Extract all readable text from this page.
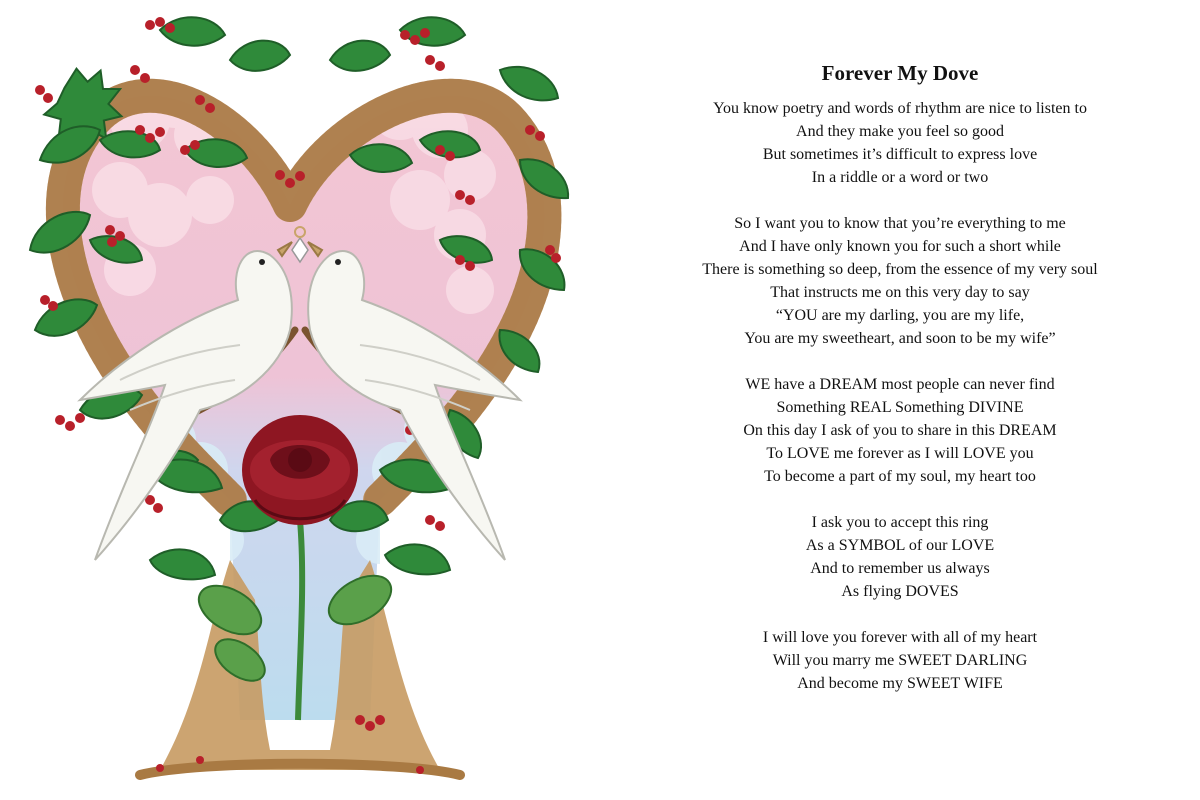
Forever My Dove
You know poetry and words of rhythm are nice to listen to
And they make you feel so good
But sometimes it’s difficult to express love
In a riddle or a word or two
So I want you to know that you’re everything to me
And I have only known you for such a short while
There is something so deep, from the essence of my very soul
That instructs me on this very day to say
“YOU are my darling, you are my life,
You are my sweetheart, and soon to be my wife”
WE have a DREAM most people can never find
Something REAL Something DIVINE
On this day I ask of you to share in this DREAM
To LOVE me forever as I will LOVE you
To become a part of my soul, my heart too
I ask you to accept this ring
As a SYMBOL of our LOVE
And to remember us always
As flying DOVES
I will love you forever with all of my heart
Will you marry me SWEET DARLING
And become my SWEET WIFE
